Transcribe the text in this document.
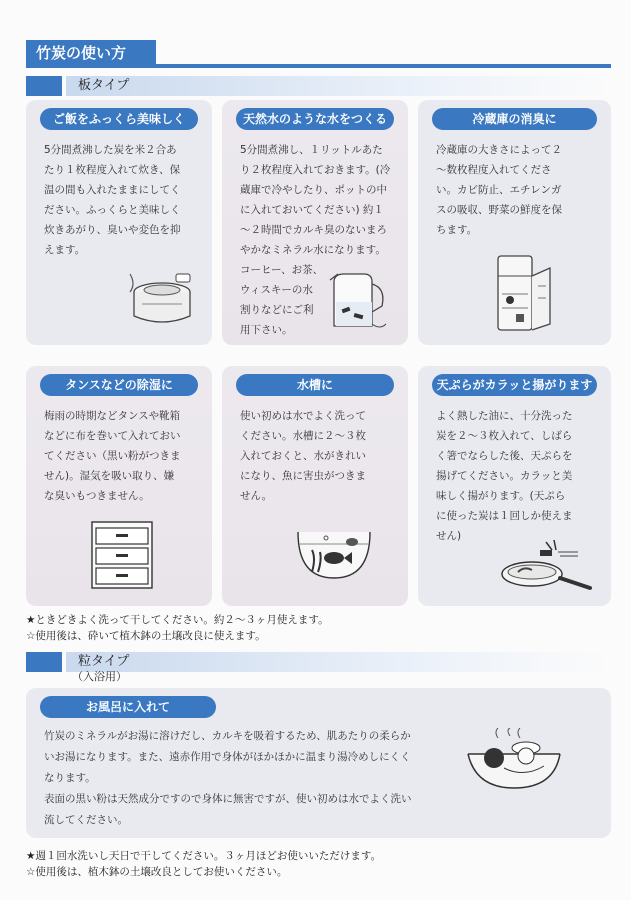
竹炭の使い方
板タイプ
ご飯をふっくら美味しく

5分間煮沸した炭を米２合あ

たり１枚程度入れて炊き、保

温の間も入れたままにしてく

ださい。ふっくらと美味しく

炊きあがり、臭いや変色を抑

えます。

天然水のような水をつくる

5分間煮沸し、１リットルあた

り２枚程度入れておきます。(冷

蔵庫で冷やしたり、ポットの中

に入れておいてください) 約１

～２時間でカルキ臭のないまろ

やかなミネラル水になります。

コーヒー、お茶、

ウィスキーの水

割りなどにご利

用下さい。

冷蔵庫の消臭に

冷蔵庫の大きさによって２

～数枚程度入れてくださ

い。カビ防止、エチレンガ

スの吸収、野菜の鮮度を保

ちます。

タンスなどの除湿に

梅雨の時期などタンスや靴箱

などに布を巻いて入れておい

てください（黒い粉がつきま

せん)。湿気を吸い取り、嫌

な臭いもつきません。

水槽に

使い初めは水でよく洗って

ください。水槽に２～３枚

入れておくと、水がきれい

になり、魚に害虫がつきま

せん。

天ぷらがカラッと揚がります

よく熱した油に、十分洗った

炭を２～３枚入れて、しばら

く箸でならした後、天ぷらを

揚げてください。カラッと美

味しく揚がります。(天ぷら

に使った炭は１回しか使えま

せん)

★ときどきよく洗って干してください。約２～３ヶ月使えます。
☆使用後は、砕いて植木鉢の土壌改良に使えます。
粒タイプ
（入浴用）
お風呂に入れて

竹炭のミネラルがお湯に溶けだし、カルキを吸着するため、肌あたりの柔らか

いお湯になります。また、遠赤作用で身体がほかほかに温まり湯冷めしにくく

なります。

表面の黒い粉は天然成分ですので身体に無害ですが、使い初めは水でよく洗い

流してください。

★週１回水洗いし天日で干してください。３ヶ月ほどお使いいただけます。
☆使用後は、植木鉢の土壌改良としてお使いください。
